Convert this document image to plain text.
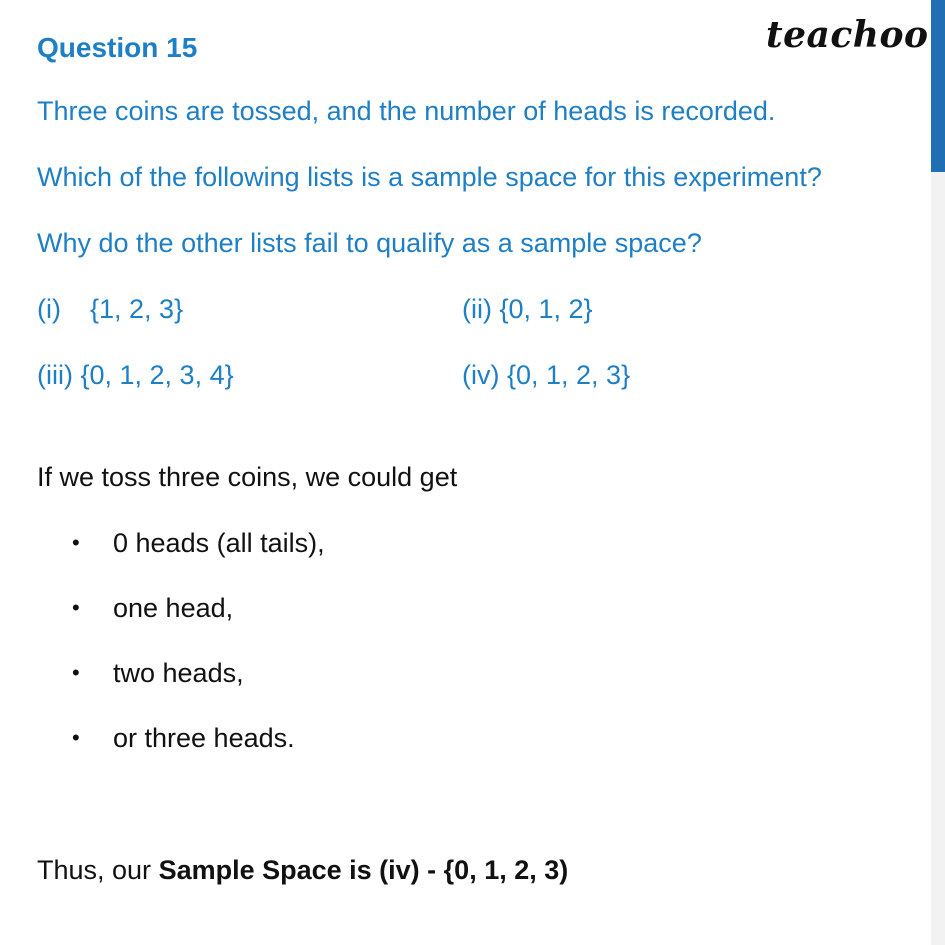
teachoo
Question 15
Three coins are tossed, and the number of heads is recorded.
Which of the following lists is a sample space for this experiment?
Why do the other lists fail to qualify as a sample space?
(i) {1, 2, 3}	(ii) {0, 1, 2}
(iii) {0, 1, 2, 3, 4}	(iv) {0, 1, 2, 3}
If we toss three coins, we could get
• 0 heads (all tails),
• one head,
• two heads,
• or three heads.
Thus, our Sample Space is (iv) - {0, 1, 2, 3)
